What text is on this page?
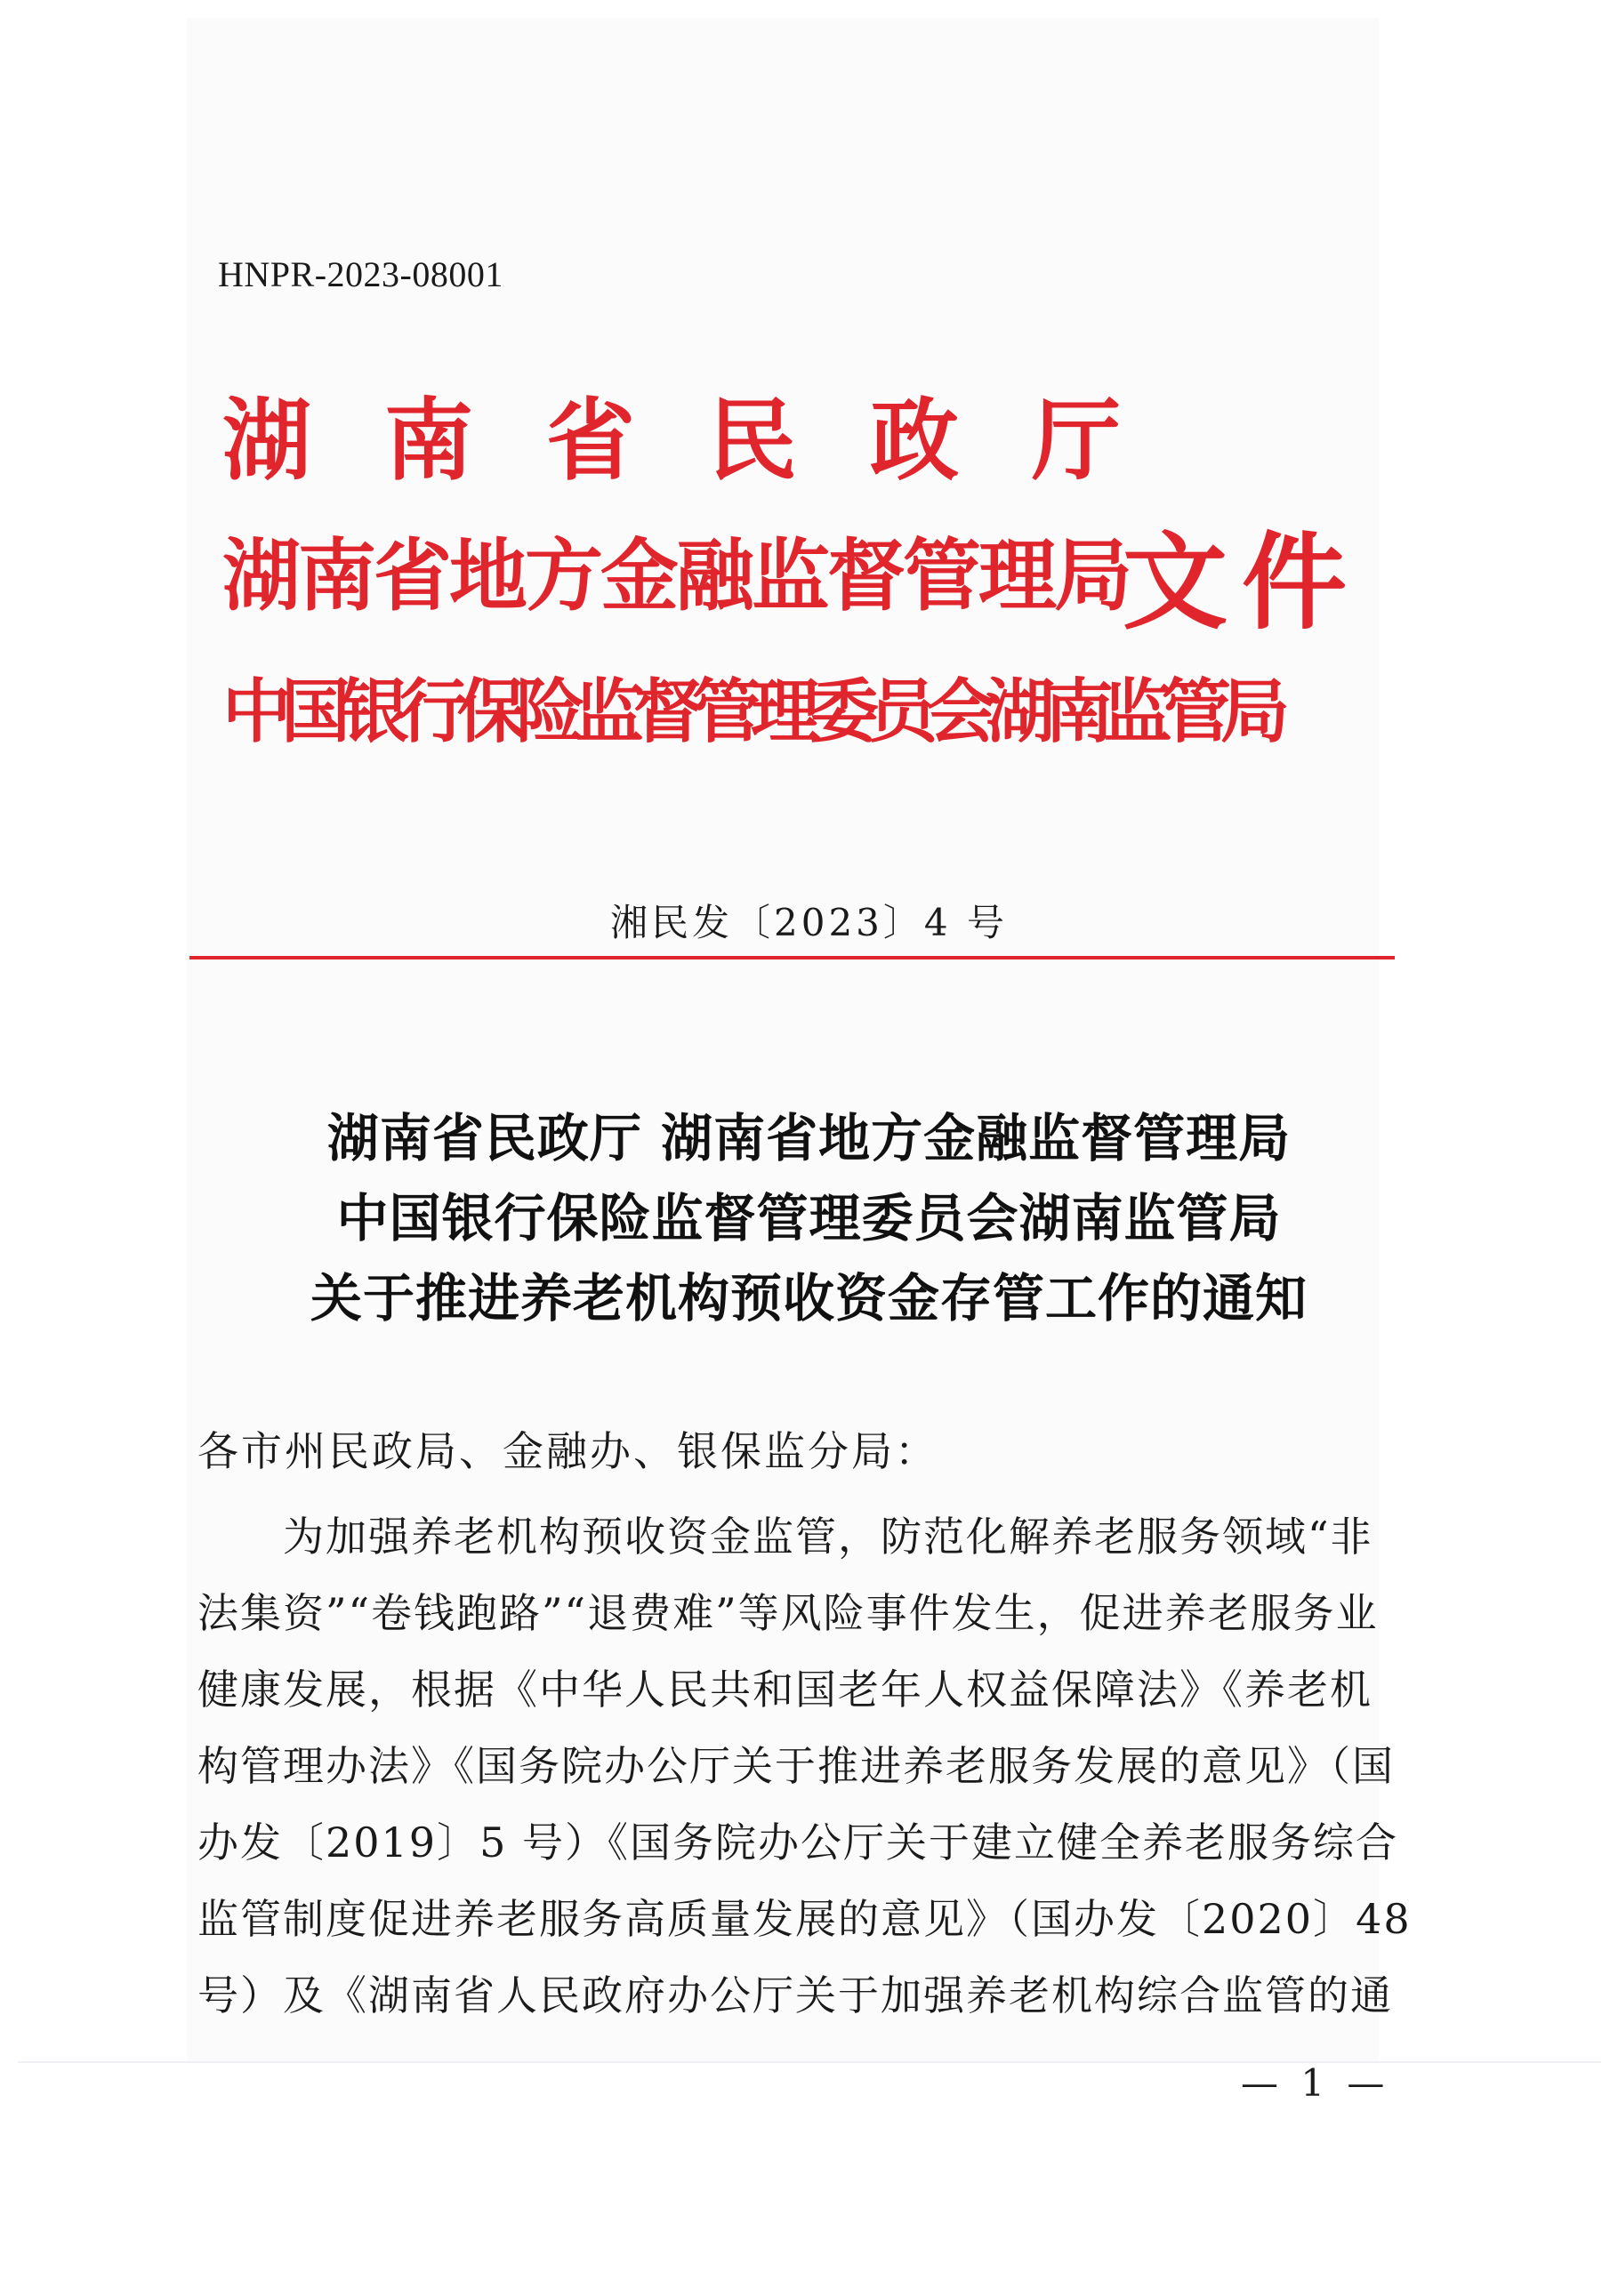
HNPR-2023-08001
湖南省民政厅
湖南省地方金融监督管理局
中国银行保险监督管理委员会湖南监管局
文件
湘民发〔2023〕4 号
湖南省民政厅 湖南省地方金融监督管理局
中国银行保险监督管理委员会湖南监管局
关于推进养老机构预收资金存管工作的通知
各市州民政局、金融办、银保监分局：
　　为加强养老机构预收资金监管，防范化解养老服务领域“非
法集资”“卷钱跑路”“退费难”等风险事件发生，促进养老服务业
健康发展，根据《中华人民共和国老年人权益保障法》《养老机
构管理办法》《国务院办公厅关于推进养老服务发展的意见》（国
办发〔2019〕5 号）《国务院办公厅关于建立健全养老服务综合
监管制度促进养老服务高质量发展的意见》（国办发〔2020〕48
号）及《湖南省人民政府办公厅关于加强养老机构综合监管的通
— 1 —
